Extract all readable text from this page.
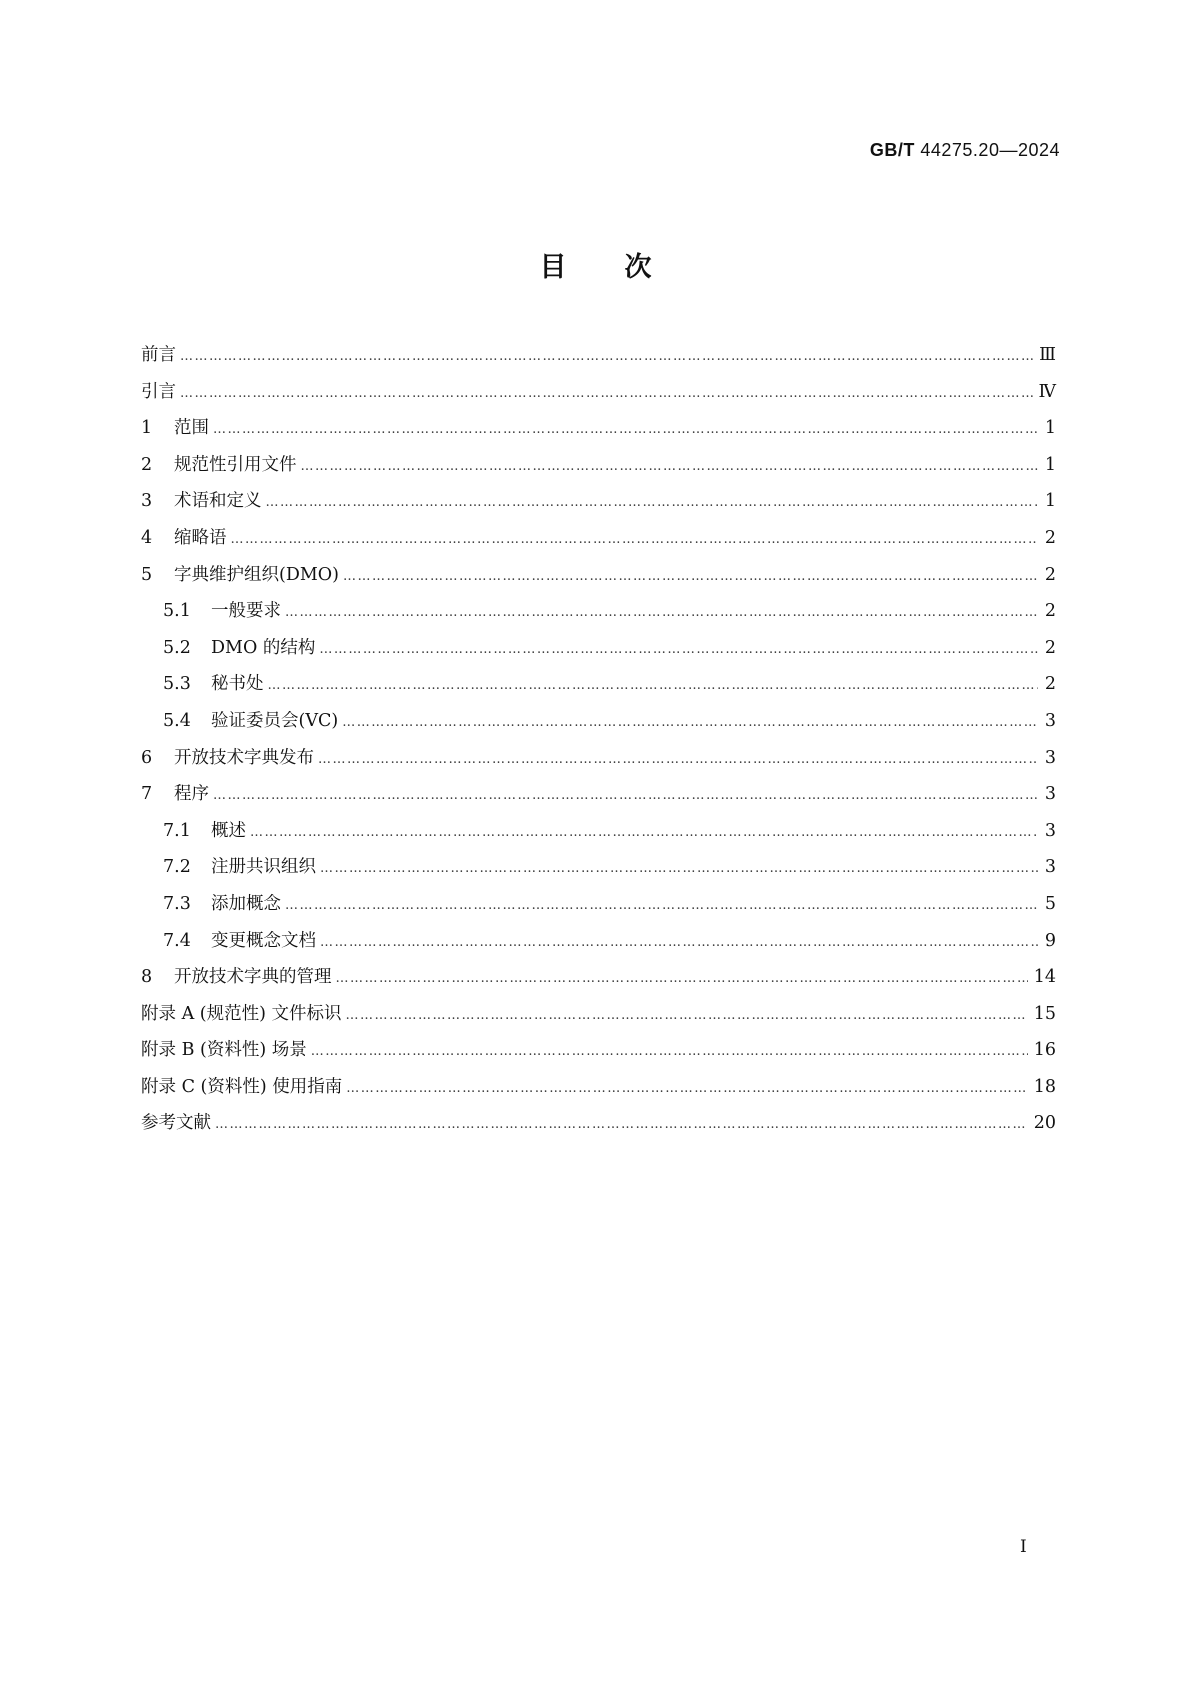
GB/T 44275.20—2024
目 次
前言 ……………………………………………………………………………………………………………………………………………………………………………………	Ⅲ
引言 ……………………………………………………………………………………………………………………………………………………………………………………	Ⅳ
1	范围 ……………………………………………………………………………………………………………………………………………………………………………………	1
2	规范性引用文件 ……………………………………………………………………………………………………………………………………………………………………………………	1
3	术语和定义 ……………………………………………………………………………………………………………………………………………………………………………………	1
4	缩略语 ……………………………………………………………………………………………………………………………………………………………………………………	2
5	字典维护组织(DMO) ……………………………………………………………………………………………………………………………………………………………………………………	2
5.1	一般要求 ……………………………………………………………………………………………………………………………………………………………………………………	2
5.2	DMO 的结构 ……………………………………………………………………………………………………………………………………………………………………………………	2
5.3	秘书处 ……………………………………………………………………………………………………………………………………………………………………………………	2
5.4	验证委员会(VC) ……………………………………………………………………………………………………………………………………………………………………………………	3
6	开放技术字典发布 ……………………………………………………………………………………………………………………………………………………………………………………	3
7	程序 ……………………………………………………………………………………………………………………………………………………………………………………	3
7.1	概述 ……………………………………………………………………………………………………………………………………………………………………………………	3
7.2	注册共识组织 ……………………………………………………………………………………………………………………………………………………………………………………	3
7.3	添加概念 ……………………………………………………………………………………………………………………………………………………………………………………	5
7.4	变更概念文档 ……………………………………………………………………………………………………………………………………………………………………………………	9
8	开放技术字典的管理 ……………………………………………………………………………………………………………………………………………………………………………………	14
附录 A (规范性) 文件标识 ……………………………………………………………………………………………………………………………………………………………………………………	15
附录 B (资料性) 场景 ……………………………………………………………………………………………………………………………………………………………………………………	16
附录 C (资料性) 使用指南 ……………………………………………………………………………………………………………………………………………………………………………………	18
参考文献 ……………………………………………………………………………………………………………………………………………………………………………………	20
I
